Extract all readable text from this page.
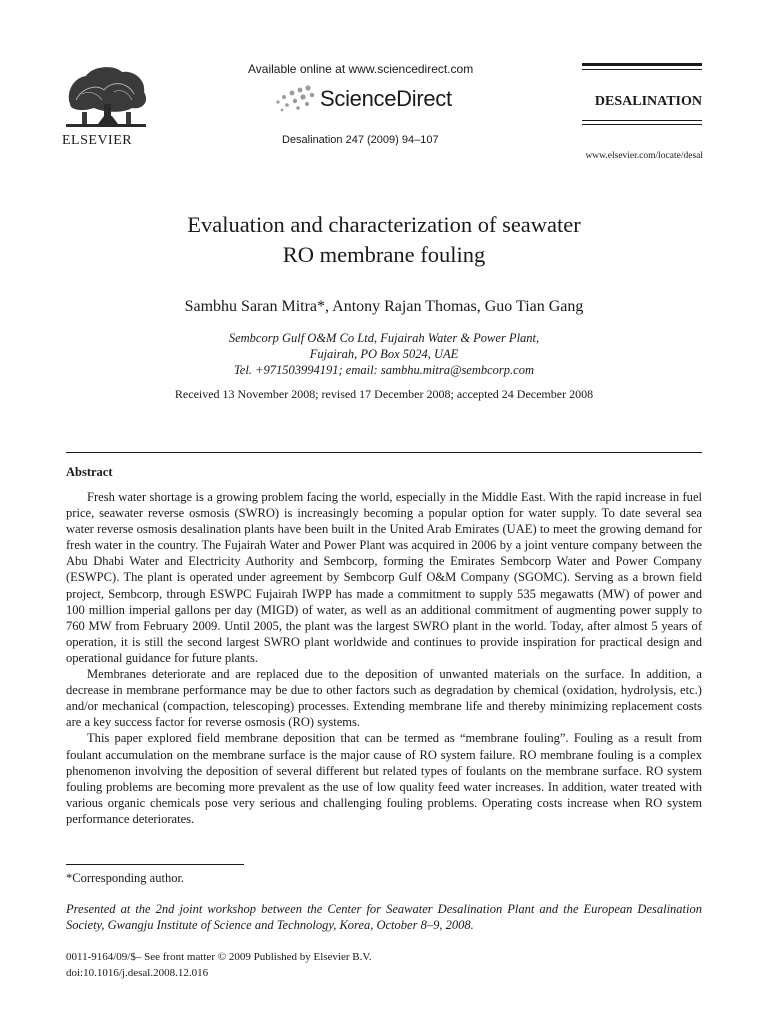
ELSEVIER
Available online at www.sciencedirect.com
ScienceDirect
Desalination 247 (2009) 94–107
DESALINATION
www.elsevier.com/locate/desal
Evaluation and characterization of seawater
RO membrane fouling
Sambhu Saran Mitra*, Antony Rajan Thomas, Guo Tian Gang
Sembcorp Gulf O&M Co Ltd, Fujairah Water & Power Plant,
Fujairah, PO Box 5024, UAE
Tel. +971503994191; email: sambhu.mitra@sembcorp.com
Received 13 November 2008; revised 17 December 2008; accepted 24 December 2008
Abstract

Fresh water shortage is a growing problem facing the world, especially in the Middle East. With the rapid increase in fuel price, seawater reverse osmosis (SWRO) is increasingly becoming a popular option for water supply. To date several sea water reverse osmosis desalination plants have been built in the United Arab Emirates (UAE) to meet the growing demand for fresh water in the country. The Fujairah Water and Power Plant was acquired in 2006 by a joint venture company between the Abu Dhabi Water and Electricity Authority and Sembcorp, forming the Emirates Sembcorp Water and Power Company (ESWPC). The plant is operated under agreement by Sembcorp Gulf O&M Company (SGOMC). Serving as a brown field project, Sembcorp, through ESWPC Fujairah IWPP has made a commitment to supply 535 megawatts (MW) of power and 100 million imperial gallons per day (MIGD) of water, as well as an additional commitment of augmenting power supply to 760 MW from February 2009. Until 2005, the plant was the largest SWRO plant in the world. Today, after almost 5 years of operation, it is still the second largest SWRO plant worldwide and continues to provide inspiration for practical design and operational guidance for future plants.

Membranes deteriorate and are replaced due to the deposition of unwanted materials on the surface. In addition, a decrease in membrane performance may be due to other factors such as degradation by chemical (oxidation, hydrolysis, etc.) and/or mechanical (compaction, telescoping) processes. Extending membrane life and thereby minimizing replacement costs are a key success factor for reverse osmosis (RO) systems.

This paper explored field membrane deposition that can be termed as “membrane fouling”. Fouling as a result from foulant accumulation on the membrane surface is the major cause of RO system failure. RO membrane fouling is a complex phenomenon involving the deposition of several different but related types of foulants on the membrane surface. RO system fouling problems are becoming more prevalent as the use of low quality feed water increases. In addition, water treated with various organic chemicals pose very serious and challenging fouling problems. Operating costs increase when RO system performance deteriorates.

*Corresponding author.
Presented at the 2nd joint workshop between the Center for Seawater Desalination Plant and the European Desalination Society, Gwangju Institute of Science and Technology, Korea, October 8–9, 2008.
0011-9164/09/$– See front matter © 2009 Published by Elsevier B.V.
doi:10.1016/j.desal.2008.12.016
